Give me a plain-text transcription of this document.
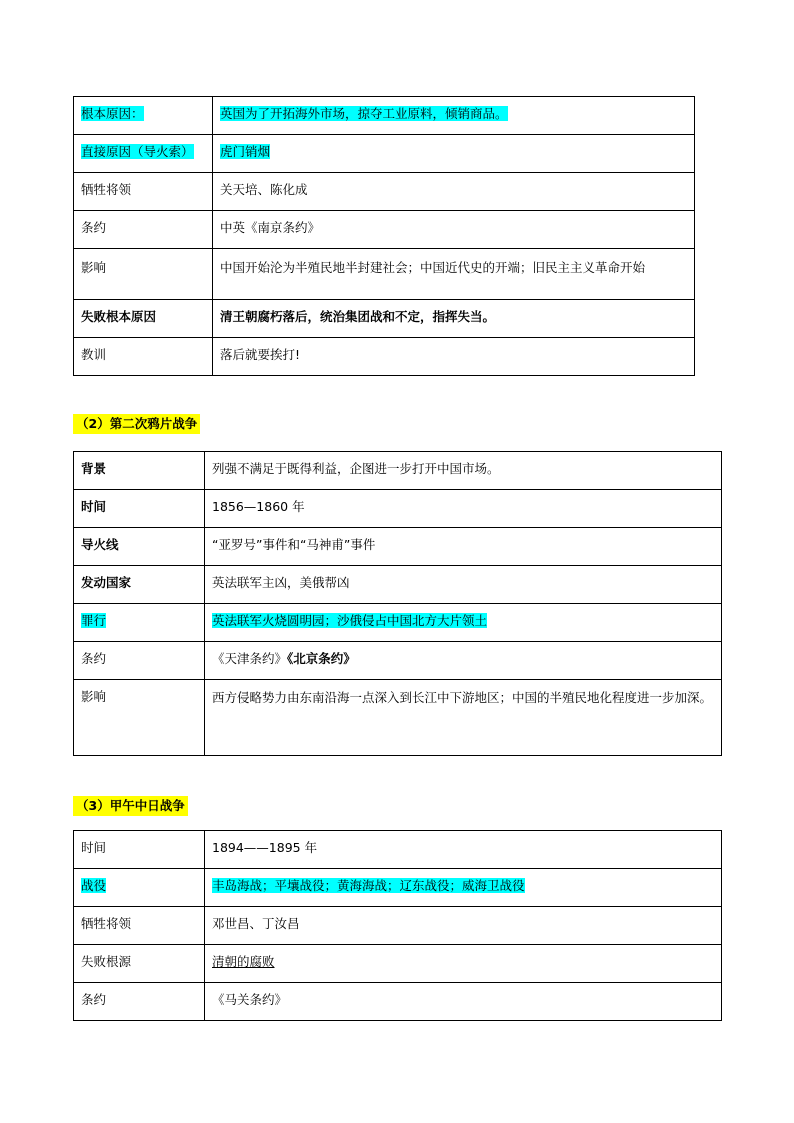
根本原因：	英国为了开拓海外市场，掠夺工业原料，倾销商品。
直接原因（导火索）	虎门销烟
牺牲将领	关天培、陈化成
条约	中英《南京条约》
影响	中国开始沦为半殖民地半封建社会；中国近代史的开端；旧民主主义革命开始
失败根本原因	清王朝腐朽落后，统治集团战和不定，指挥失当。
教训	落后就要挨打!
（2）第二次鸦片战争
背景	列强不满足于既得利益，企图进一步打开中国市场。
时间	1856—1860 年
导火线	“亚罗号”事件和“马神甫”事件
发动国家	英法联军主凶，美俄帮凶
罪行	英法联军火烧圆明园；沙俄侵占中国北方大片领土
条约	《天津条约》《北京条约》
影响	西方侵略势力由东南沿海一点深入到长江中下游地区；中国的半殖民地化程度进一步加深。
（3）甲午中日战争
时间	1894——1895 年
战役	丰岛海战；平壤战役；黄海海战；辽东战役；威海卫战役
牺牲将领	邓世昌、丁汝昌
失败根源	清朝的腐败
条约	《马关条约》
